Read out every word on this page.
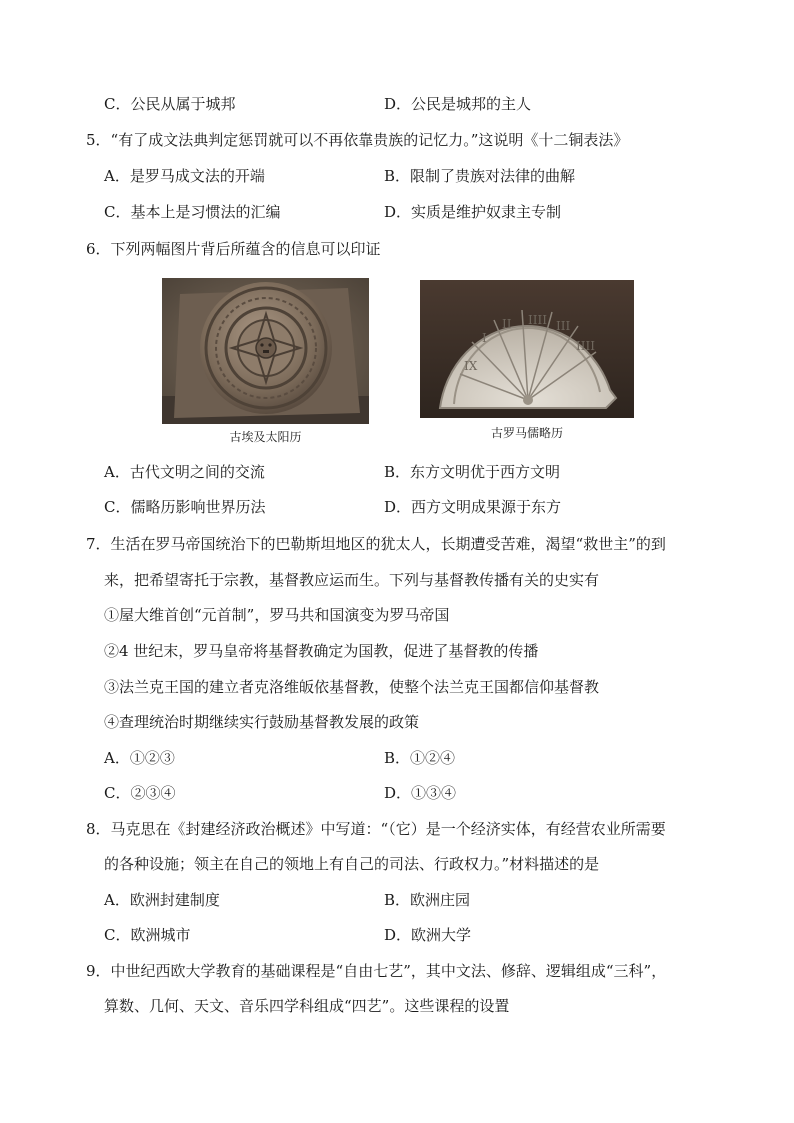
C．公民从属于城邦	D．公民是城邦的主人
5．“有了成文法典判定惩罚就可以不再依靠贵族的记忆力。”这说明《十二铜表法》
A．是罗马成文法的开端	B．限制了贵族对法律的曲解
C．基本上是习惯法的汇编	D．实质是维护奴隶主专制
6．下列两幅图片背后所蕴含的信息可以印证
古埃及太阳历
IX
I
II IIII III
IIII
古罗马儒略历
A．古代文明之间的交流	B．东方文明优于西方文明
C．儒略历影响世界历法	D．西方文明成果源于东方
7．生活在罗马帝国统治下的巴勒斯坦地区的犹太人，长期遭受苦难，渴望“救世主”的到
来，把希望寄托于宗教，基督教应运而生。下列与基督教传播有关的史实有
①屋大维首创“元首制”，罗马共和国演变为罗马帝国
②4 世纪末，罗马皇帝将基督教确定为国教，促进了基督教的传播
③法兰克王国的建立者克洛维皈依基督教，使整个法兰克王国都信仰基督教
④查理统治时期继续实行鼓励基督教发展的政策
A．①②③	B．①②④
C．②③④	D．①③④
8．马克思在《封建经济政治概述》中写道：“（它）是一个经济实体，有经营农业所需要
的各种设施；领主在自己的领地上有自己的司法、行政权力。”材料描述的是
A．欧洲封建制度	B．欧洲庄园
C．欧洲城市	D．欧洲大学
9．中世纪西欧大学教育的基础课程是“自由七艺”，其中文法、修辞、逻辑组成“三科”，
算数、几何、天文、音乐四学科组成“四艺”。这些课程的设置
